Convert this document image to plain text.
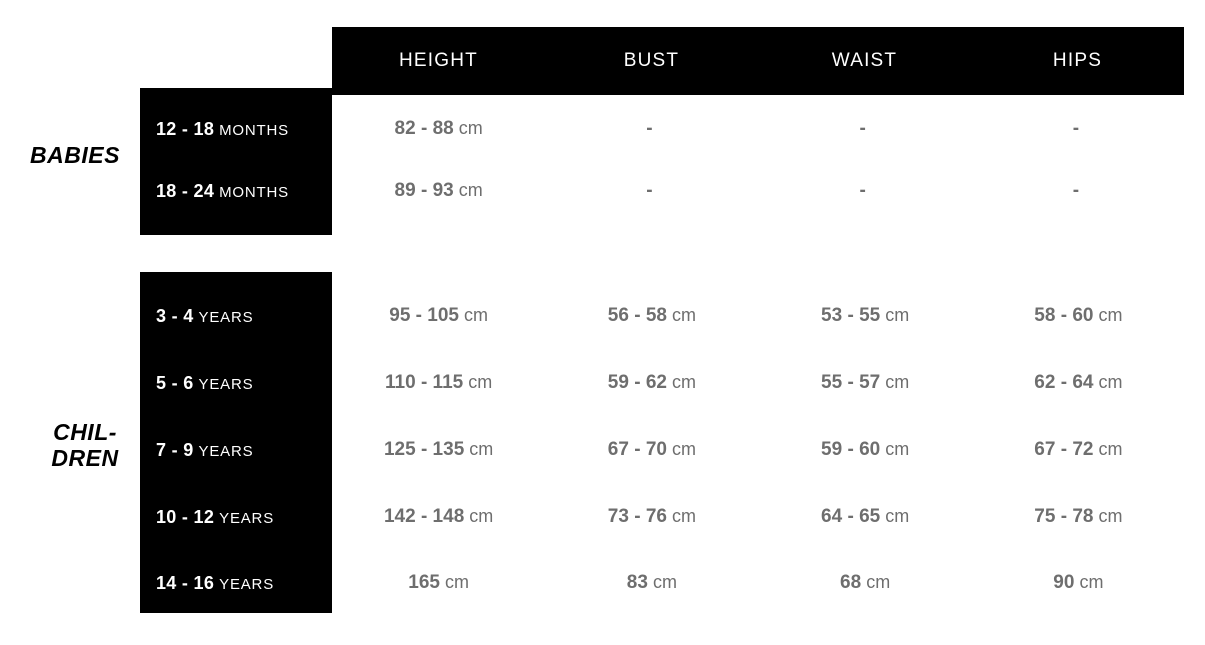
HEIGHT	BUST	WAIST	HIPS
BABIES
CHIL-
DREN
12 - 18 MONTHS	82 - 88 cm	-	-	-
18 - 24 MONTHS	89 - 93 cm	-	-	-
3 - 4 YEARS	95 - 105 cm	56 - 58 cm	53 - 55 cm	58 - 60 cm
5 - 6 YEARS	110 - 115 cm	59 - 62 cm	55 - 57 cm	62 - 64 cm
7 - 9 YEARS	125 - 135 cm	67 - 70 cm	59 - 60 cm	67 - 72 cm
10 - 12 YEARS	142 - 148 cm	73 - 76 cm	64 - 65 cm	75 - 78 cm
14 - 16 YEARS	165 cm	83 cm	68 cm	90 cm
